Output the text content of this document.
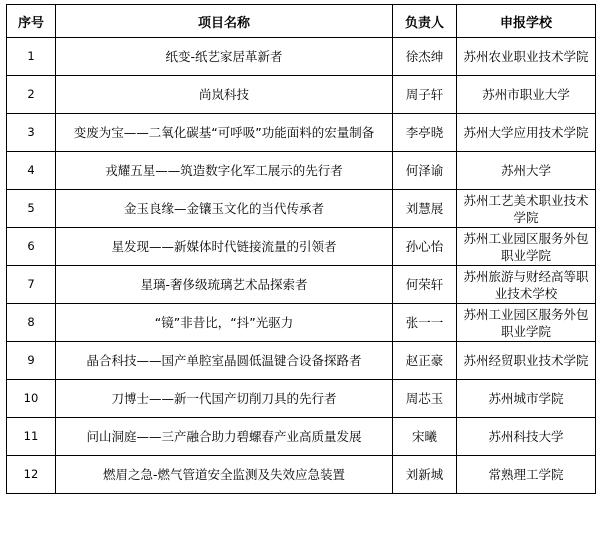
序号	项目名称	负责人	申报学校
1	纸变-纸艺家居革新者	徐杰绅	苏州农业职业技术学院
2	尚岚科技	周子轩	苏州市职业大学
3	变废为宝——二氧化碳基“可呼吸”功能面料的宏量制备	李亭晓	苏州大学应用技术学院
4	戎耀五星——筑造数字化军工展示的先行者	何泽谕	苏州大学
5	金玉良缘—金镶玉文化的当代传承者	刘慧展	苏州工艺美术职业技术学院
6	星发现——新媒体时代链接流量的引领者	孙心怡	苏州工业园区服务外包职业学院
7	星璃-奢侈级琉璃艺术品探索者	何荣轩	苏州旅游与财经高等职业技术学校
8	“镜”非昔比，“抖”光驱力	张一一	苏州工业园区服务外包职业学院
9	晶合科技——国产单腔室晶圆低温键合设备探路者	赵正豪	苏州经贸职业技术学院
10	刀博士——新一代国产切削刀具的先行者	周芯玉	苏州城市学院
11	问山洞庭——三产融合助力碧螺春产业高质量发展	宋曦	苏州科技大学
12	燃眉之急-燃气管道安全监测及失效应急装置	刘新城	常熟理工学院
